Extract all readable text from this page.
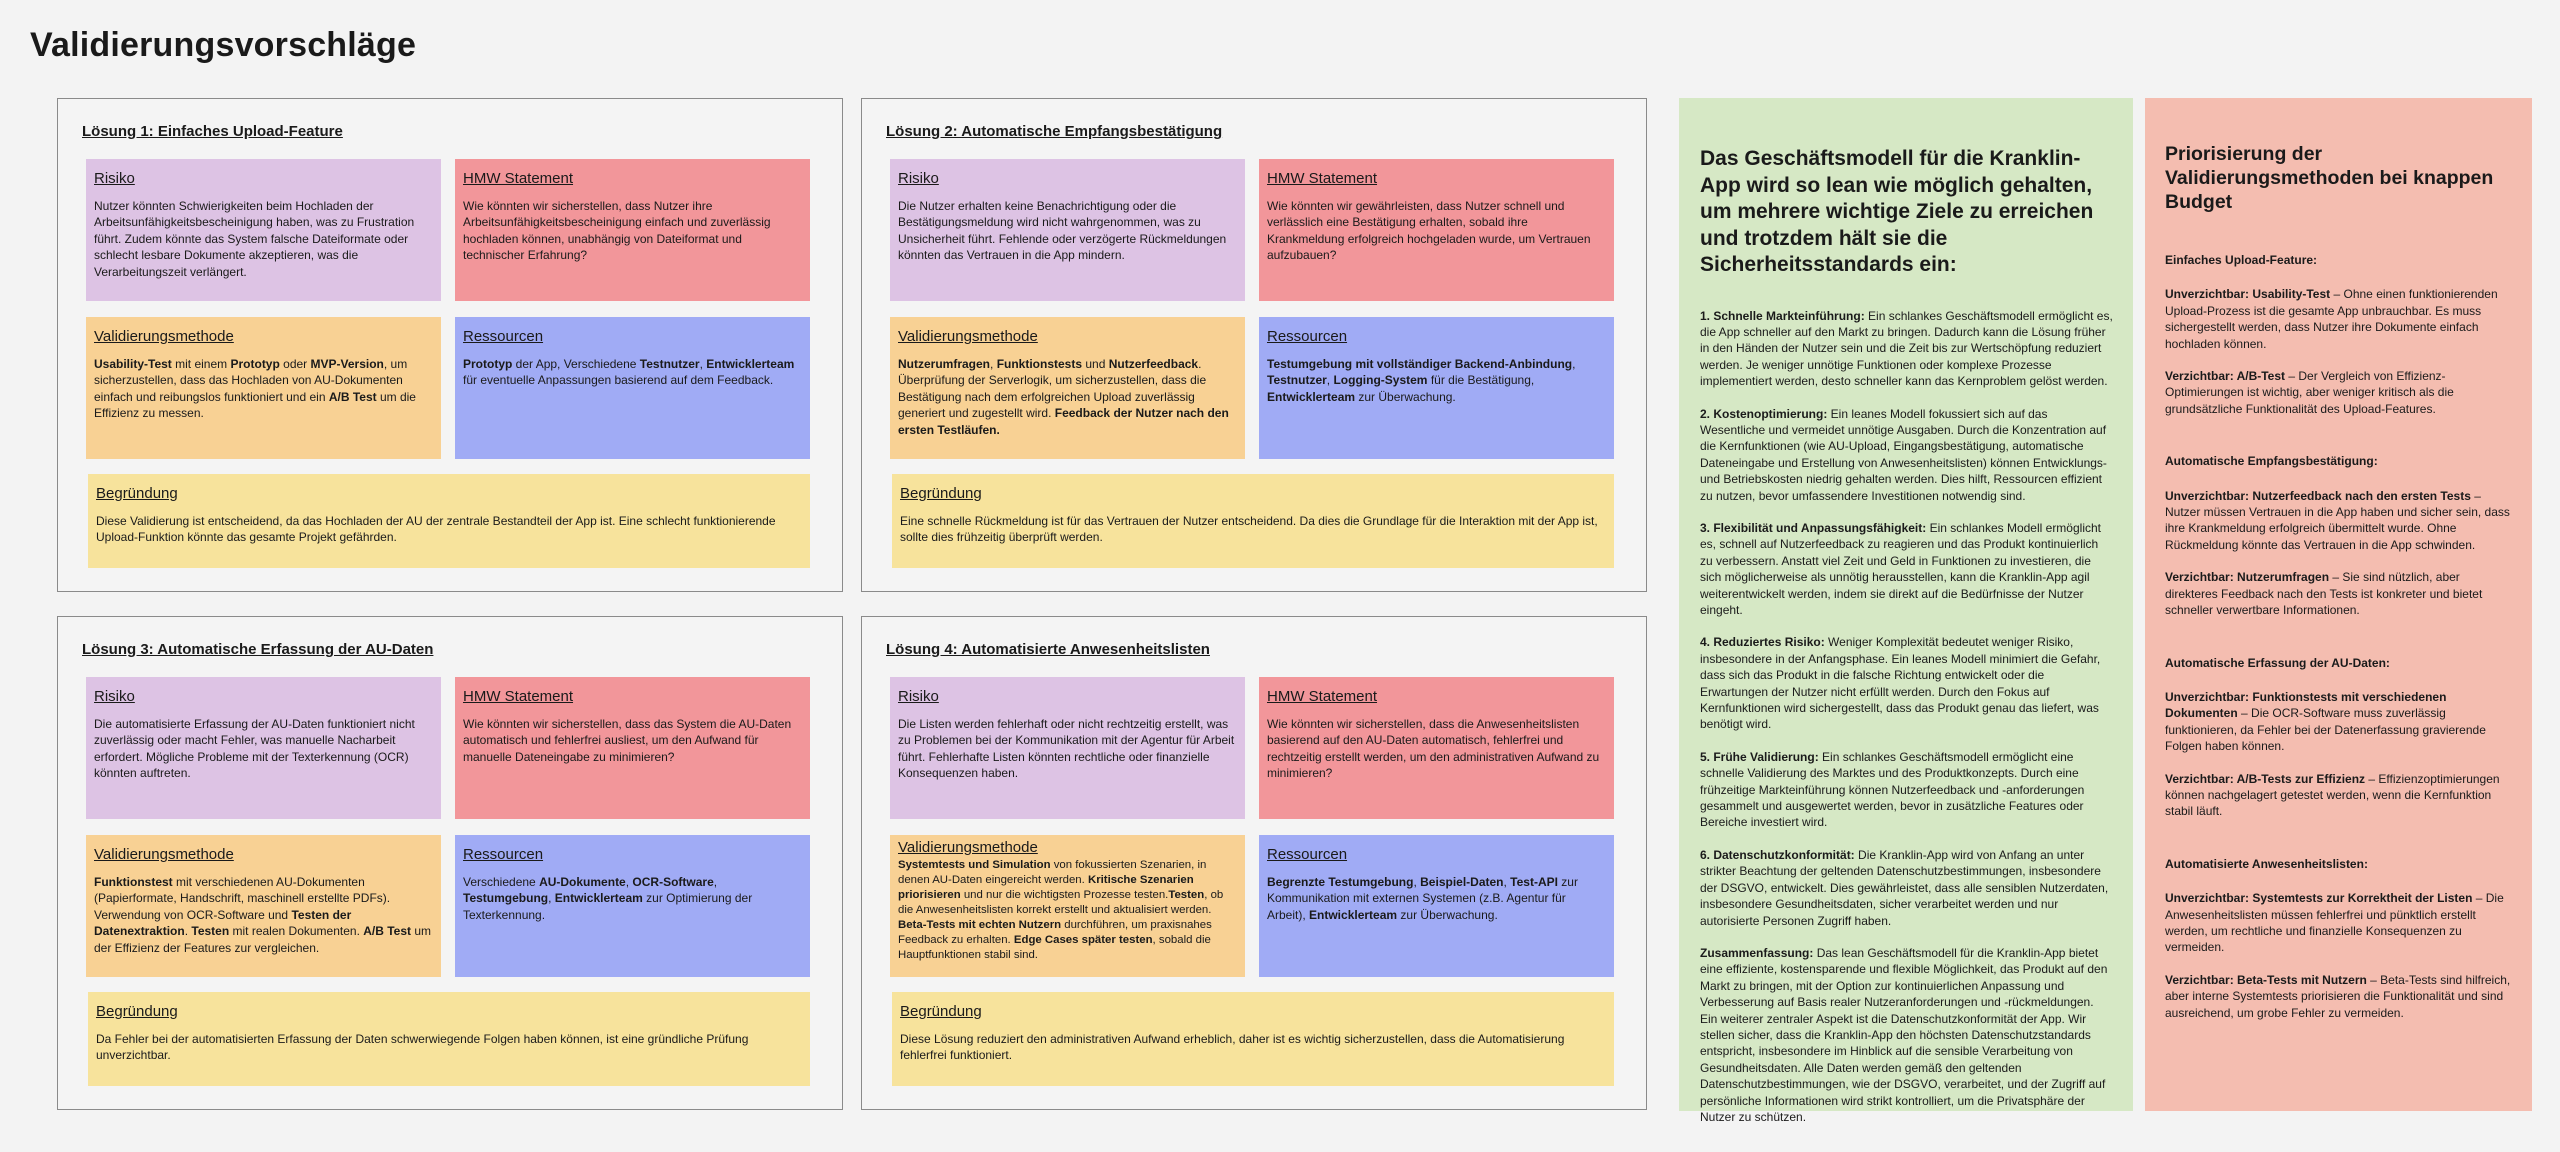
Validierungsvorschläge
Lösung 1: Einfaches Upload-Feature
Risiko
Nutzer könnten Schwierigkeiten beim Hochladen der Arbeitsunfähigkeitsbescheinigung haben, was zu Frustration führt. Zudem könnte das System falsche Dateiformate oder schlecht lesbare Dokumente akzeptieren, was die Verarbeitungszeit verlängert.
HMW Statement
Wie könnten wir sicherstellen, dass Nutzer ihre Arbeitsunfähigkeitsbescheinigung einfach und zuverlässig hochladen können, unabhängig von Dateiformat und technischer Erfahrung?
Validierungsmethode
Usability-Test mit einem Prototyp oder MVP-Version, um sicherzustellen, dass das Hochladen von AU-Dokumenten einfach und reibungslos funktioniert und ein A/B Test um die Effizienz zu messen.
Ressourcen
Prototyp der App, Verschiedene Testnutzer, Entwicklerteam für eventuelle Anpassungen basierend auf dem Feedback.
Begründung
Diese Validierung ist entscheidend, da das Hochladen der AU der zentrale Bestandteil der App ist. Eine schlecht funktionierende Upload-Funktion könnte das gesamte Projekt gefährden.
Lösung 2: Automatische Empfangsbestätigung
Risiko
Die Nutzer erhalten keine Benachrichtigung oder die Bestätigungsmeldung wird nicht wahrgenommen, was zu Unsicherheit führt. Fehlende oder verzögerte Rückmeldungen könnten das Vertrauen in die App mindern.
HMW Statement
Wie könnten wir gewährleisten, dass Nutzer schnell und verlässlich eine Bestätigung erhalten, sobald ihre Krankmeldung erfolgreich hochgeladen wurde, um Vertrauen aufzubauen?
Validierungsmethode
Nutzerumfragen, Funktionstests und Nutzerfeedback. Überprüfung der Serverlogik, um sicherzustellen, dass die Bestätigung nach dem erfolgreichen Upload zuverlässig generiert und zugestellt wird. Feedback der Nutzer nach den ersten Testläufen.
Ressourcen
Testumgebung mit vollständiger Backend-Anbindung, Testnutzer, Logging-System für die Bestätigung, Entwicklerteam zur Überwachung.
Begründung
Eine schnelle Rückmeldung ist für das Vertrauen der Nutzer entscheidend. Da dies die Grundlage für die Interaktion mit der App ist, sollte dies frühzeitig überprüft werden.
Lösung 3: Automatische Erfassung der AU-Daten
Risiko
Die automatisierte Erfassung der AU-Daten funktioniert nicht zuverlässig oder macht Fehler, was manuelle Nacharbeit erfordert. Mögliche Probleme mit der Texterkennung (OCR) könnten auftreten.
HMW Statement
Wie könnten wir sicherstellen, dass das System die AU-Daten automatisch und fehlerfrei ausliest, um den Aufwand für manuelle Dateneingabe zu minimieren?
Validierungsmethode
Funktionstest mit verschiedenen AU-Dokumenten (Papierformate, Handschrift, maschinell erstellte PDFs). Verwendung von OCR-Software und Testen der Datenextraktion. Testen mit realen Dokumenten. A/B Test um der Effizienz der Features zur vergleichen.
Ressourcen
Verschiedene AU-Dokumente, OCR-Software, Testumgebung, Entwicklerteam zur Optimierung der Texterkennung.
Begründung
Da Fehler bei der automatisierten Erfassung der Daten schwerwiegende Folgen haben können, ist eine gründliche Prüfung unverzichtbar.
Lösung 4: Automatisierte Anwesenheitslisten
Risiko
Die Listen werden fehlerhaft oder nicht rechtzeitig erstellt, was zu Problemen bei der Kommunikation mit der Agentur für Arbeit führt. Fehlerhafte Listen könnten rechtliche oder finanzielle Konsequenzen haben.
HMW Statement
Wie könnten wir sicherstellen, dass die Anwesenheitslisten basierend auf den AU-Daten automatisch, fehlerfrei und rechtzeitig erstellt werden, um den administrativen Aufwand zu minimieren?
Validierungsmethode
Systemtests und Simulation von fokussierten Szenarien, in denen AU-Daten eingereicht werden. Kritische Szenarien priorisieren und nur die wichtigsten Prozesse testen.Testen, ob die Anwesenheitslisten korrekt erstellt und aktualisiert werden. Beta-Tests mit echten Nutzern durchführen, um praxisnahes Feedback zu erhalten. Edge Cases später testen, sobald die Hauptfunktionen stabil sind.
Ressourcen
Begrenzte Testumgebung, Beispiel-Daten, Test-API zur Kommunikation mit externen Systemen (z.B. Agentur für Arbeit), Entwicklerteam zur Überwachung.
Begründung
Diese Lösung reduziert den administrativen Aufwand erheblich, daher ist es wichtig sicherzustellen, dass die Automatisierung fehlerfrei funktioniert.
Das Geschäftsmodell für die Kranklin-App wird so lean wie möglich gehalten, um mehrere wichtige Ziele zu erreichen und trotzdem hält sie die Sicherheitsstandards ein:

1. Schnelle Markteinführung: Ein schlankes Geschäftsmodell ermöglicht es, die App schneller auf den Markt zu bringen. Dadurch kann die Lösung früher in den Händen der Nutzer sein und die Zeit bis zur Wertschöpfung reduziert werden. Je weniger unnötige Funktionen oder komplexe Prozesse implementiert werden, desto schneller kann das Kernproblem gelöst werden.

2. Kostenoptimierung: Ein leanes Modell fokussiert sich auf das Wesentliche und vermeidet unnötige Ausgaben. Durch die Konzentration auf die Kernfunktionen (wie AU-Upload, Eingangsbestätigung, automatische Dateneingabe und Erstellung von Anwesenheitslisten) können Entwicklungs- und Betriebskosten niedrig gehalten werden. Dies hilft, Ressourcen effizient zu nutzen, bevor umfassendere Investitionen notwendig sind.

3. Flexibilität und Anpassungsfähigkeit: Ein schlankes Modell ermöglicht es, schnell auf Nutzerfeedback zu reagieren und das Produkt kontinuierlich zu verbessern. Anstatt viel Zeit und Geld in Funktionen zu investieren, die sich möglicherweise als unnötig herausstellen, kann die Kranklin-App agil weiterentwickelt werden, indem sie direkt auf die Bedürfnisse der Nutzer eingeht.

4. Reduziertes Risiko: Weniger Komplexität bedeutet weniger Risiko, insbesondere in der Anfangsphase. Ein leanes Modell minimiert die Gefahr, dass sich das Produkt in die falsche Richtung entwickelt oder die Erwartungen der Nutzer nicht erfüllt werden. Durch den Fokus auf Kernfunktionen wird sichergestellt, dass das Produkt genau das liefert, was benötigt wird.

5. Frühe Validierung: Ein schlankes Geschäftsmodell ermöglicht eine schnelle Validierung des Marktes und des Produktkonzepts. Durch eine frühzeitige Markteinführung können Nutzerfeedback und -anforderungen gesammelt und ausgewertet werden, bevor in zusätzliche Features oder Bereiche investiert wird.

6. Datenschutzkonformität: Die Kranklin-App wird von Anfang an unter strikter Beachtung der geltenden Datenschutzbestimmungen, insbesondere der DSGVO, entwickelt. Dies gewährleistet, dass alle sensiblen Nutzerdaten, insbesondere Gesundheitsdaten, sicher verarbeitet werden und nur autorisierte Personen Zugriff haben.

Zusammenfassung: Das lean Geschäftsmodell für die Kranklin-App bietet eine effiziente, kostensparende und flexible Möglichkeit, das Produkt auf den Markt zu bringen, mit der Option zur kontinuierlichen Anpassung und Verbesserung auf Basis realer Nutzeranforderungen und -rückmeldungen. Ein weiterer zentraler Aspekt ist die Datenschutzkonformität der App. Wir stellen sicher, dass die Kranklin-App den höchsten Datenschutzstandards entspricht, insbesondere im Hinblick auf die sensible Verarbeitung von Gesundheitsdaten. Alle Daten werden gemäß den geltenden Datenschutzbestimmungen, wie der DSGVO, verarbeitet, und der Zugriff auf persönliche Informationen wird strikt kontrolliert, um die Privatsphäre der Nutzer zu schützen.

Priorisierung der Validierungsmethoden bei knappen Budget

Einfaches Upload-Feature:

Unverzichtbar: Usability-Test – Ohne einen funktionierenden Upload-Prozess ist die gesamte App unbrauchbar. Es muss sichergestellt werden, dass Nutzer ihre Dokumente einfach hochladen können.

Verzichtbar: A/B-Test – Der Vergleich von Effizienz-Optimierungen ist wichtig, aber weniger kritisch als die grundsätzliche Funktionalität des Upload-Features.

Automatische Empfangsbestätigung:

Unverzichtbar: Nutzerfeedback nach den ersten Tests – Nutzer müssen Vertrauen in die App haben und sicher sein, dass ihre Krankmeldung erfolgreich übermittelt wurde. Ohne Rückmeldung könnte das Vertrauen in die App schwinden.

Verzichtbar: Nutzerumfragen – Sie sind nützlich, aber direkteres Feedback nach den Tests ist konkreter und bietet schneller verwertbare Informationen.

Automatische Erfassung der AU-Daten:

Unverzichtbar: Funktionstests mit verschiedenen Dokumenten – Die OCR-Software muss zuverlässig funktionieren, da Fehler bei der Datenerfassung gravierende Folgen haben können.

Verzichtbar: A/B-Tests zur Effizienz – Effizienzoptimierungen können nachgelagert getestet werden, wenn die Kernfunktion stabil läuft.

Automatisierte Anwesenheitslisten:

Unverzichtbar: Systemtests zur Korrektheit der Listen – Die Anwesenheitslisten müssen fehlerfrei und pünktlich erstellt werden, um rechtliche und finanzielle Konsequenzen zu vermeiden.

Verzichtbar: Beta-Tests mit Nutzern – Beta-Tests sind hilfreich, aber interne Systemtests priorisieren die Funktionalität und sind ausreichend, um grobe Fehler zu vermeiden.
